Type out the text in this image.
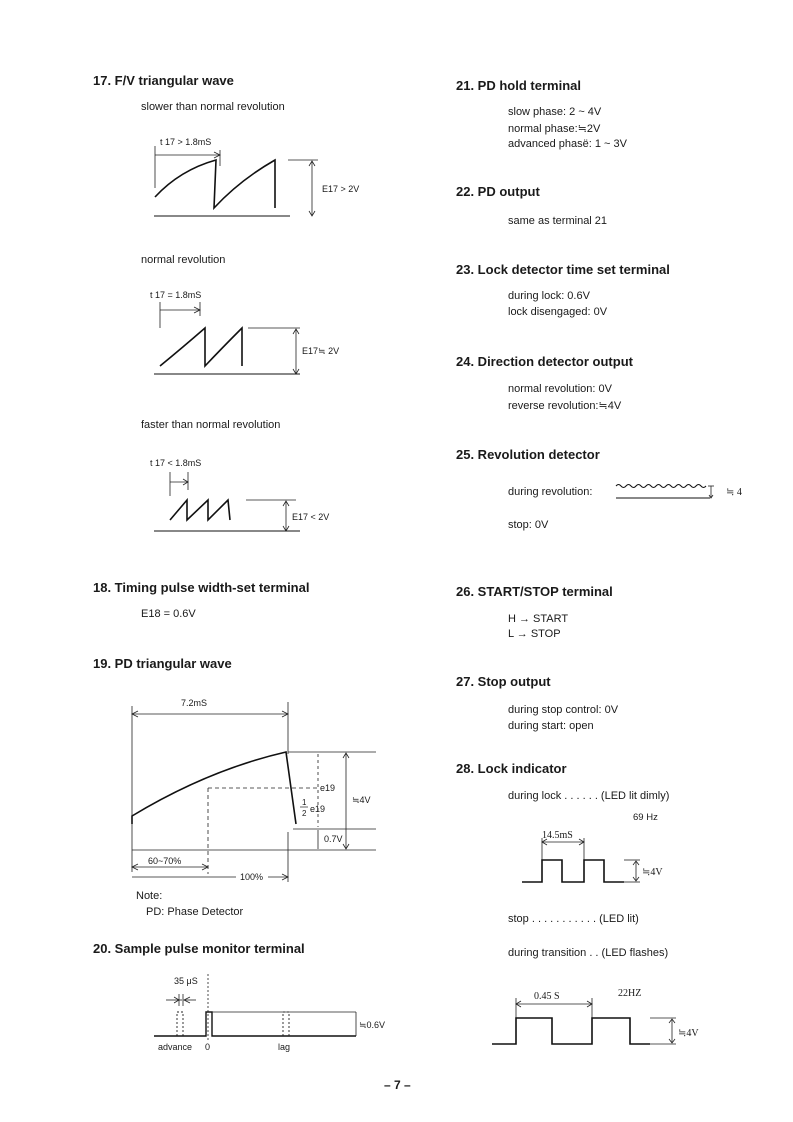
17. F/V triangular wave
slower than normal revolution
t 17 > 1.8mS
E17 > 2V
normal revolution
t 17 = 1.8mS
E17≒ 2V
faster than normal revolution
t 17 < 1.8mS
E17 < 2V
18. Timing pulse width-set terminal
E18 = 0.6V
19. PD triangular wave
7.2mS
e19
1
2 e19
≒4V
0.7V
60~70%
100%
Note:
PD: Phase Detector
20. Sample pulse monitor terminal
35 μS
≒0.6V
advance 0	lag
21. PD hold terminal
slow phase: 2 ~ 4V
normal phase:≒2V
advanced phasë: 1 ~ 3V
22. PD output
same as terminal 21
23. Lock detector time set terminal
during lock: 0.6V
lock disengaged: 0V
24. Direction detector output
normal revolution: 0V
reverse revolution:≒4V
25. Revolution detector
during revolution:	≒ 4
stop: 0V
26. START/STOP terminal
H → START
L → STOP
27. Stop output
during stop control: 0V
during start: open
28. Lock indicator
during lock . . . . . . (LED lit dimly)
69 Hz
14.5mS
≒4V
stop . . . . . . . . . . . (LED lit)
during transition . . (LED flashes)
0.45 S	22HZ
≒4V
– 7 –
